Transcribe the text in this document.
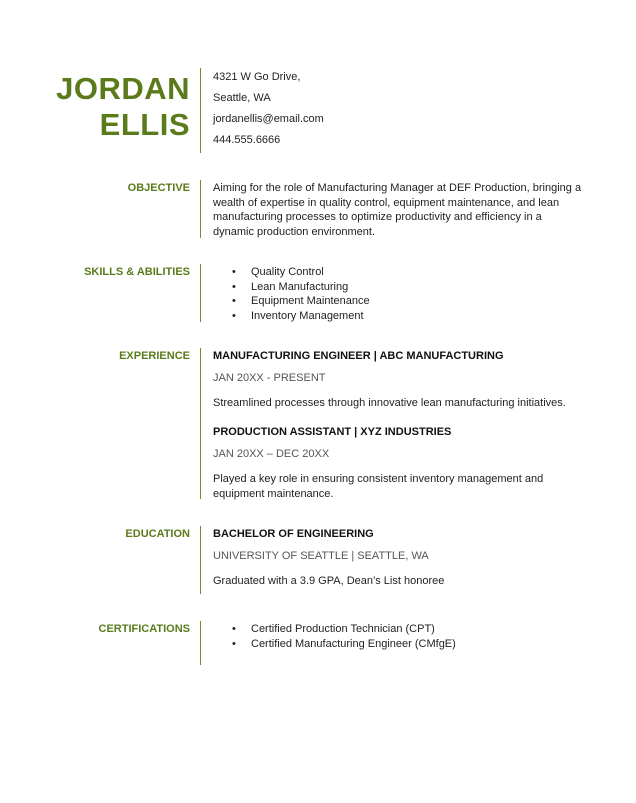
JORDAN
ELLIS
4321 W Go Drive,
Seattle, WA
jordanellis@email.com
444.555.6666
OBJECTIVE Aiming for the role of Manufacturing Manager at DEF Production, bringing a wealth of expertise in quality control, equipment maintenance, and lean manufacturing processes to optimize productivity and efficiency in a dynamic production environment.
SKILLS & ABILITIES	• Quality Control
• Lean Manufacturing
• Equipment Maintenance
• Inventory Management
EXPERIENCE MANUFACTURING ENGINEER | ABC MANUFACTURING
JAN 20XX - PRESENT
Streamlined processes through innovative lean manufacturing initiatives.
PRODUCTION ASSISTANT | XYZ INDUSTRIES
JAN 20XX – DEC 20XX
Played a key role in ensuring consistent inventory management and equipment maintenance.
EDUCATION BACHELOR OF ENGINEERING
UNIVERSITY OF SEATTLE | SEATTLE, WA
Graduated with a 3.9 GPA, Dean’s List honoree
CERTIFICATIONS	• Certified Production Technician (CPT)
• Certified Manufacturing Engineer (CMfgE)
